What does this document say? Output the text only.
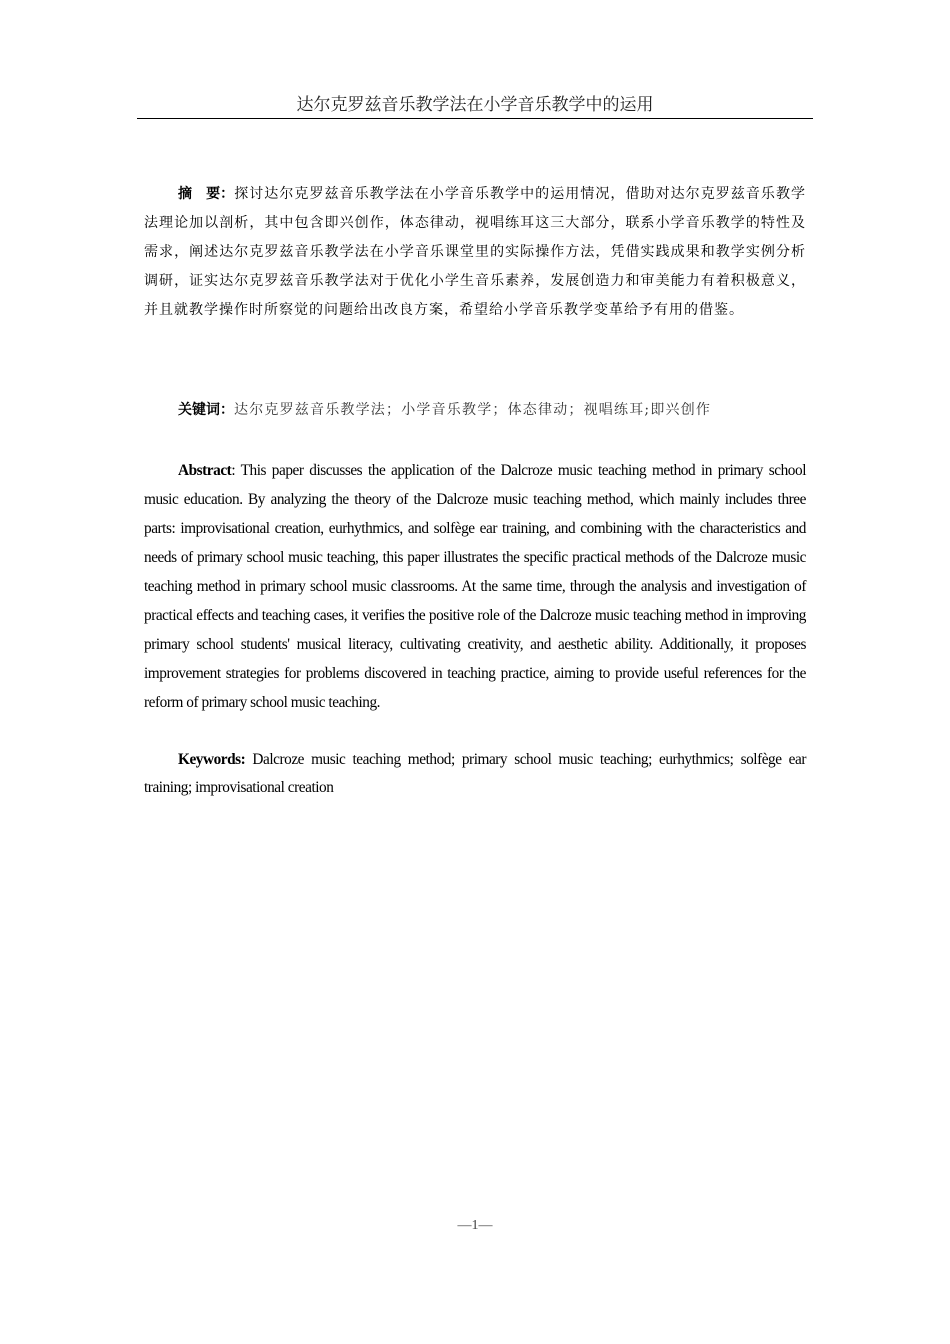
达尔克罗兹音乐教学法在小学音乐教学中的运用

摘　要：探讨达尔克罗兹音乐教学法在小学音乐教学中的运用情况，借助对达尔克罗兹音乐教学法理论加以剖析，其中包含即兴创作，体态律动，视唱练耳这三大部分，联系小学音乐教学的特性及需求，阐述达尔克罗兹音乐教学法在小学音乐课堂里的实际操作方法，凭借实践成果和教学实例分析调研，证实达尔克罗兹音乐教学法对于优化小学生音乐素养，发展创造力和审美能力有着积极意义，并且就教学操作时所察觉的问题给出改良方案，希望给小学音乐教学变革给予有用的借鉴。

关键词：达尔克罗兹音乐教学法；小学音乐教学；体态律动；视唱练耳;即兴创作

Abstract: This paper discusses the application of the Dalcroze music teaching method in primary school music education. By analyzing the theory of the Dalcroze music teaching method, which mainly includes three parts: improvisational creation, eurhythmics, and solfège ear training, and combining with the characteristics and needs of primary school music teaching, this paper illustrates the specific practical methods of the Dalcroze music teaching method in primary school music classrooms. At the same time, through the analysis and investigation of practical effects and teaching cases, it verifies the positive role of the Dalcroze music teaching method in improving primary school students' musical literacy, cultivating creativity, and aesthetic ability. Additionally, it proposes improvement strategies for problems discovered in teaching practice, aiming to provide useful references for the reform of primary school music teaching.

Keywords: Dalcroze music teaching method; primary school music teaching; eurhythmics; solfège ear training; improvisational creation

—1—
